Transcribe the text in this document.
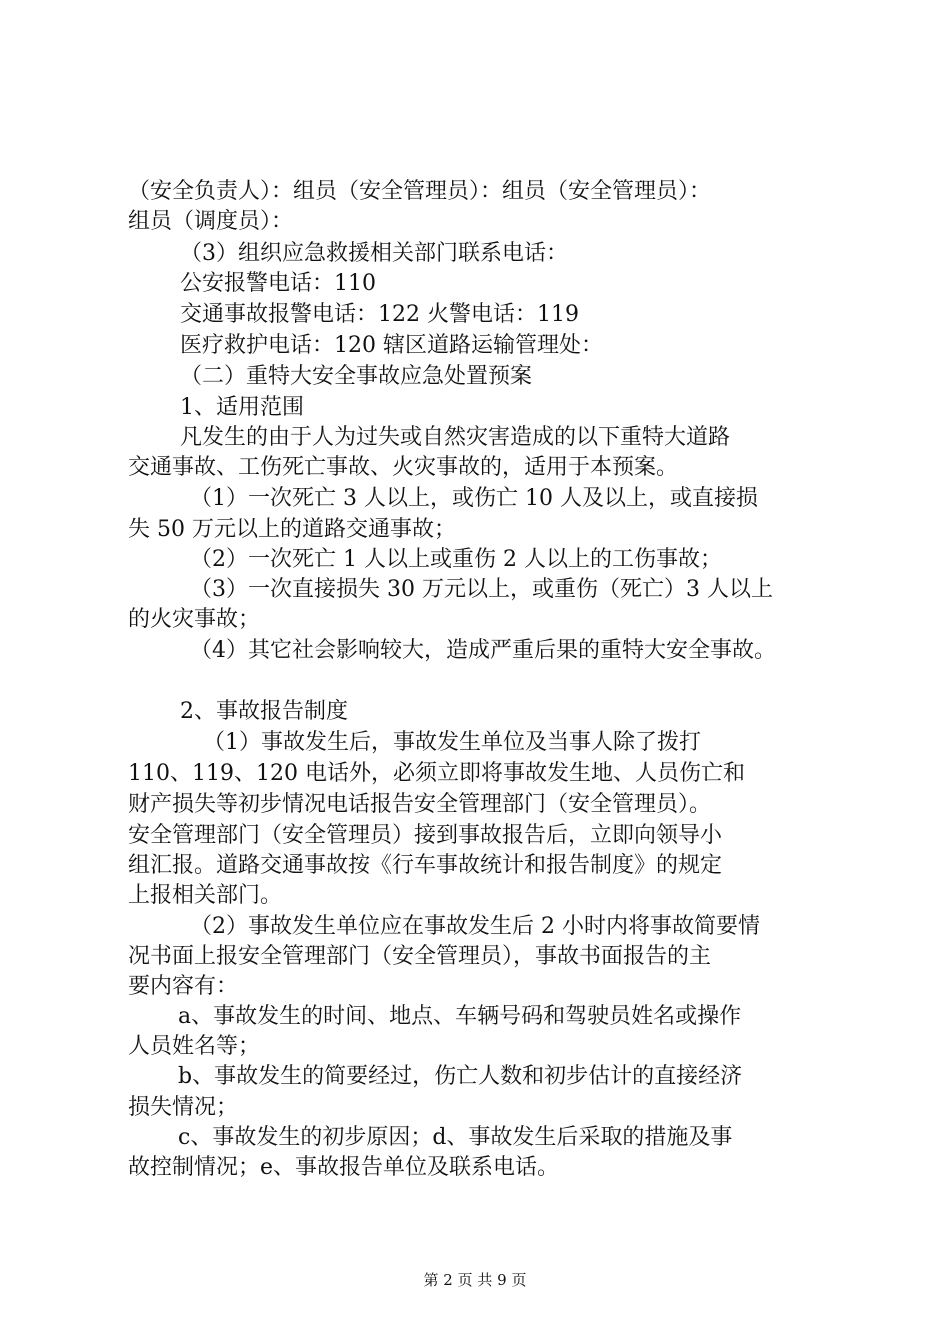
（安全负责人）：组员（安全管理员）：组员（安全管理员）：
组员（调度员）：
（3）组织应急救援相关部门联系电话：
公安报警电话：110
交通事故报警电话：122 火警电话：119
医疗救护电话：120 辖区道路运输管理处：
（二）重特大安全事故应急处置预案
1、适用范围
凡发生的由于人为过失或自然灾害造成的以下重特大道路
交通事故、工伤死亡事故、火灾事故的，适用于本预案。
（1）一次死亡 3 人以上，或伤亡 10 人及以上，或直接损
失 50 万元以上的道路交通事故；
（2）一次死亡 1 人以上或重伤 2 人以上的工伤事故；
（3）一次直接损失 30 万元以上，或重伤（死亡）3 人以上
的火灾事故；
（4）其它社会影响较大，造成严重后果的重特大安全事故。
2、事故报告制度
（1）事故发生后，事故发生单位及当事人除了拨打
110、119、120 电话外，必须立即将事故发生地、人员伤亡和
财产损失等初步情况电话报告安全管理部门（安全管理员）。
安全管理部门（安全管理员）接到事故报告后，立即向领导小
组汇报。道路交通事故按《行车事故统计和报告制度》的规定
上报相关部门。
（2）事故发生单位应在事故发生后 2 小时内将事故简要情
况书面上报安全管理部门（安全管理员），事故书面报告的主
要内容有：
a、事故发生的时间、地点、车辆号码和驾驶员姓名或操作
人员姓名等；
b、事故发生的简要经过，伤亡人数和初步估计的直接经济
损失情况；
c、事故发生的初步原因；d、事故发生后采取的措施及事
故控制情况；e、事故报告单位及联系电话。
第 2 页 共 9 页
